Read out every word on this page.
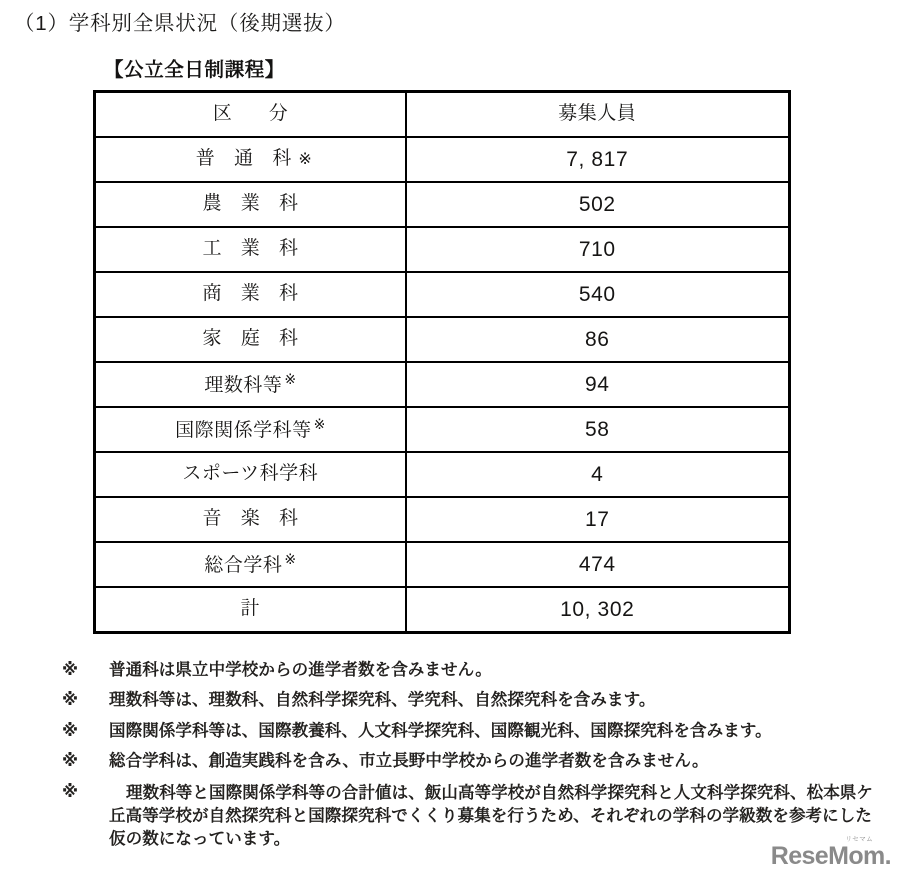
（1）学科別全県状況（後期選抜）
【公立全日制課程】
区　分	募集人員
普 通 科※	7, 817
農 業 科	502
工 業 科	710
商 業 科	540
家 庭 科	86
理数科等 ※	94
国際関係学科等 ※	58
スポーツ科学科	4
音 楽 科	17
総合学科 ※	474
計	10, 302
※	普通科は県立中学校からの進学者数を含みません。
※	理数科等は、理数科、自然科学探究科、学究科、自然探究科を含みます。
※	国際関係学科等は、国際教養科、人文科学探究科、国際観光科、国際探究科を含みます。
※	総合学科は、創造実践科を含み、市立長野中学校からの進学者数を含みません。
※	理数科等と国際関係学科等の合計値は、飯山高等学校が自然科学探究科と人文科学探究科、松本県ケ丘高等学校が自然探究科と国際探究科でくくり募集を行うため、それぞれの学科の学級数を参考にした仮の数になっています。	リセマム
ReseMom.
